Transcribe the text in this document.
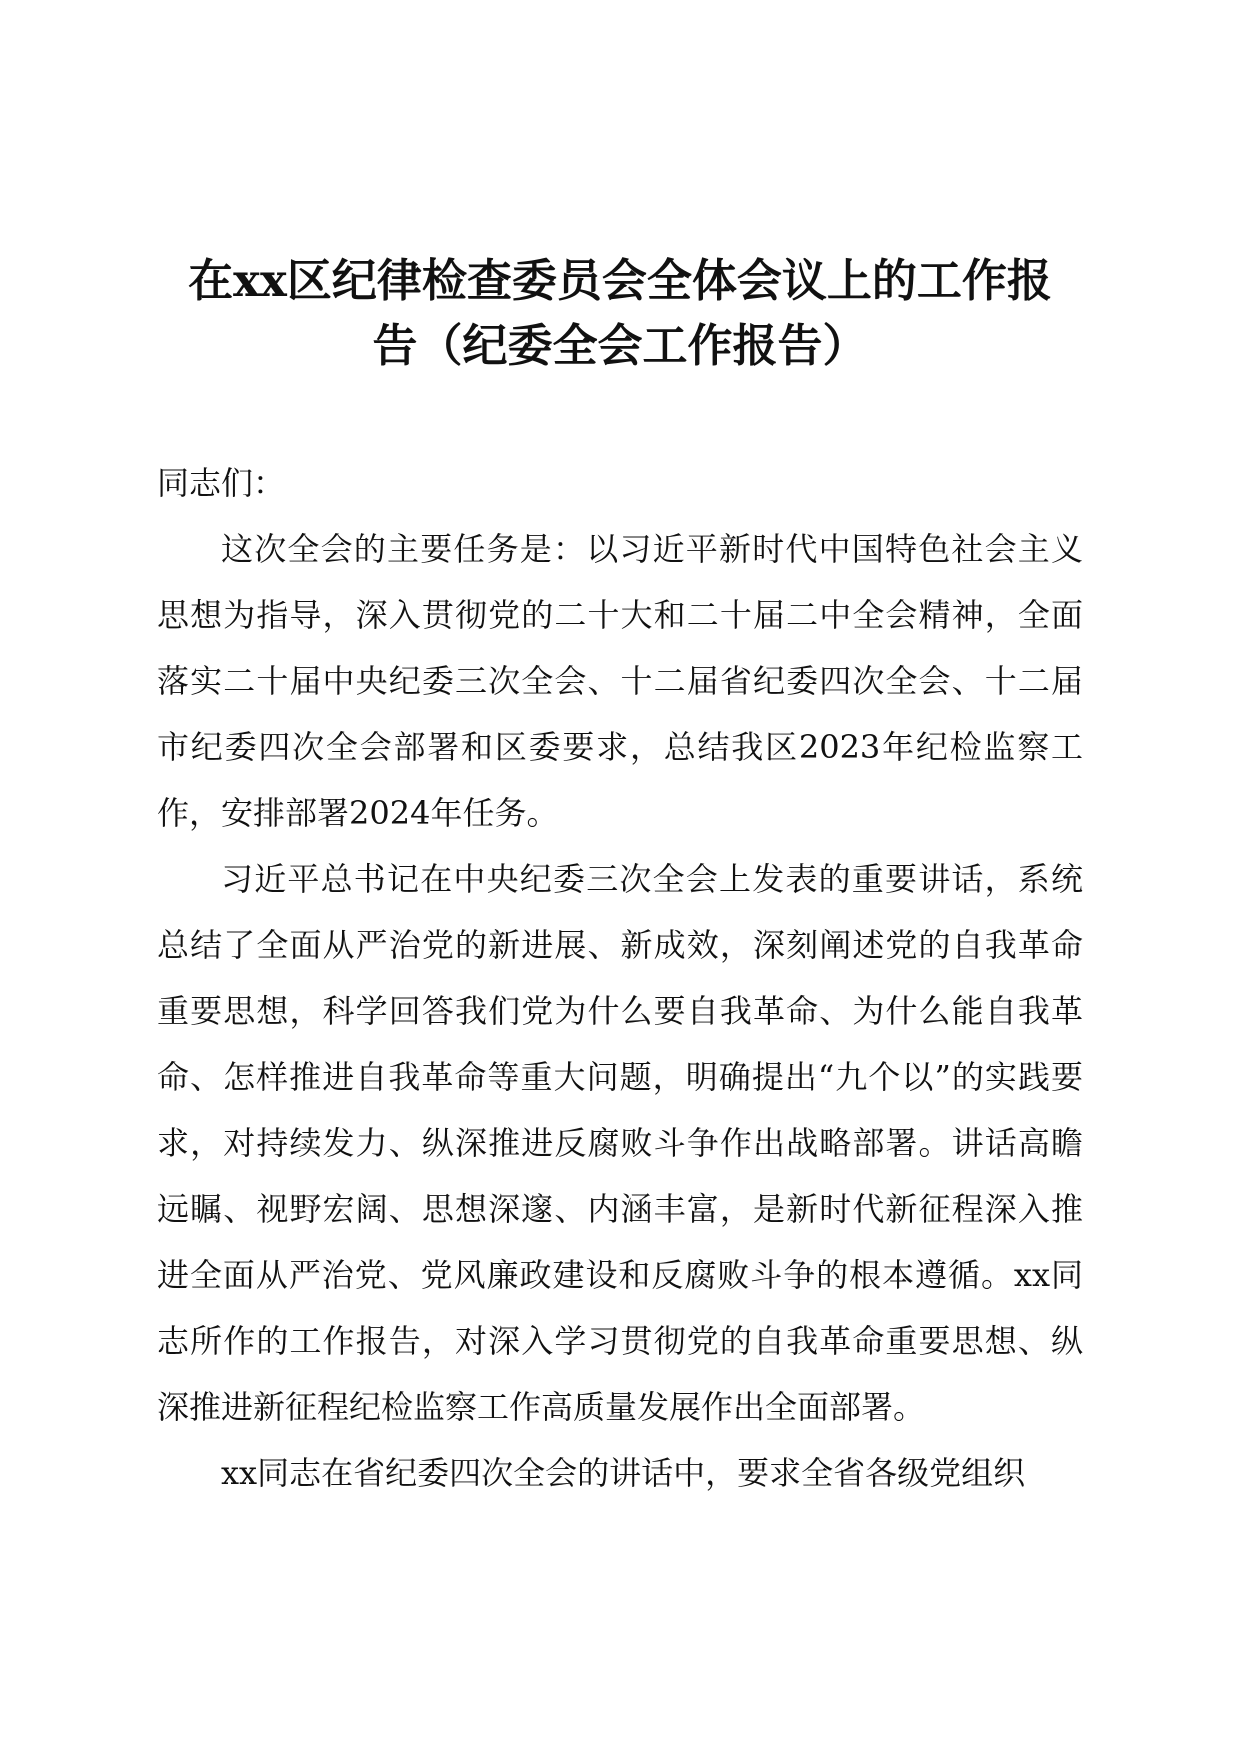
在xx区纪律检查委员会全体会议上的工作报
告（纪委全会工作报告）

同志们：

这次全会的主要任务是：以习近平新时代中国特色社会主义思想为指导，深入贯彻党的二十大和二十届二中全会精神，全面落实二十届中央纪委三次全会、十二届省纪委四次全会、十二届市纪委四次全会部署和区委要求，总结我区2023年纪检监察工作，安排部署2024年任务。

习近平总书记在中央纪委三次全会上发表的重要讲话，系统总结了全面从严治党的新进展、新成效，深刻阐述党的自我革命重要思想，科学回答我们党为什么要自我革命、为什么能自我革命、怎样推进自我革命等重大问题，明确提出“九个以”的实践要求，对持续发力、纵深推进反腐败斗争作出战略部署。讲话高瞻远瞩、视野宏阔、思想深邃、内涵丰富，是新时代新征程深入推进全面从严治党、党风廉政建设和反腐败斗争的根本遵循。xx同志所作的工作报告，对深入学习贯彻党的自我革命重要思想、纵深推进新征程纪检监察工作高质量发展作出全面部署。

xx同志在省纪委四次全会的讲话中，要求全省各级党组织
